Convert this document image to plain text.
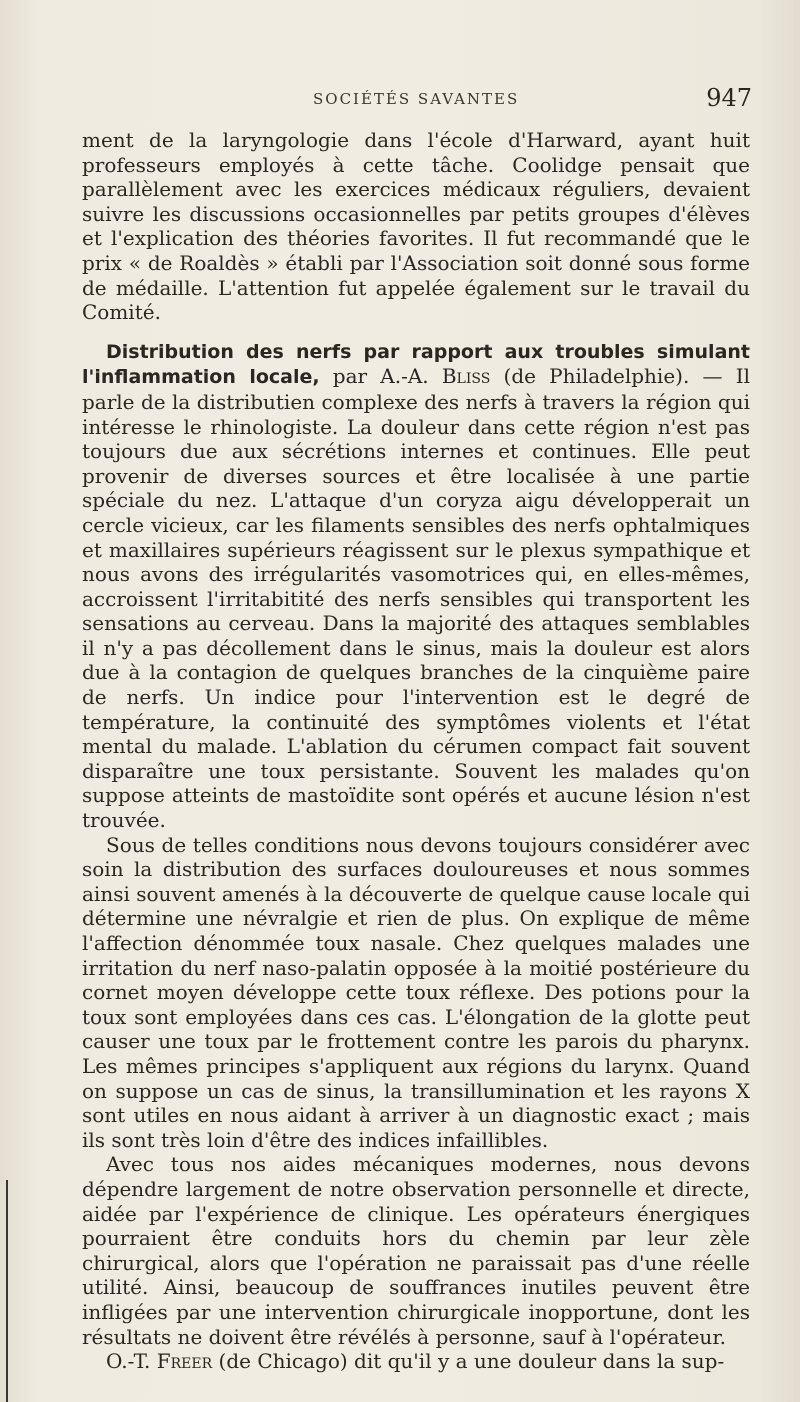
SOCIÉTÉS SAVANTES	947

ment de la laryngologie dans l'école d'Harward, ayant huit professeurs employés à cette tâche. Coolidge pensait que parallèlement avec les exercices médicaux réguliers, devaient suivre les discussions occasionnelles par petits groupes d'élèves et l'explication des théories favorites. Il fut recommandé que le prix « de Roaldès » établi par l'Association soit donné sous forme de médaille. L'attention fut appelée également sur le travail du Comité.

Distribution des nerfs par rapport aux troubles simulant l'inflammation locale, par A.-A. Bliss (de Philadelphie). — Il parle de la distributien complexe des nerfs à travers la région qui intéresse le rhinologiste. La douleur dans cette région n'est pas toujours due aux sécrétions internes et continues. Elle peut provenir de diverses sources et être localisée à une partie spéciale du nez. L'attaque d'un coryza aigu développerait un cercle vicieux, car les filaments sensibles des nerfs ophtalmiques et maxillaires supérieurs réagissent sur le plexus sympathique et nous avons des irrégularités vasomotrices qui, en elles-mêmes, accroissent l'irritabitité des nerfs sensibles qui transportent les sensations au cerveau. Dans la majorité des attaques semblables il n'y a pas décollement dans le sinus, mais la douleur est alors due à la contagion de quelques branches de la cinquième paire de nerfs. Un indice pour l'intervention est le degré de température, la continuité des symptômes violents et l'état mental du malade. L'ablation du cérumen compact fait souvent disparaître une toux persistante. Souvent les malades qu'on suppose atteints de mastoïdite sont opérés et aucune lésion n'est trouvée.

Sous de telles conditions nous devons toujours considérer avec soin la distribution des surfaces douloureuses et nous sommes ainsi souvent amenés à la découverte de quelque cause locale qui détermine une névralgie et rien de plus. On explique de même l'affection dénommée toux nasale. Chez quelques malades une irritation du nerf naso-palatin opposée à la moitié postérieure du cornet moyen développe cette toux réflexe. Des potions pour la toux sont employées dans ces cas. L'élongation de la glotte peut causer une toux par le frottement contre les parois du pharynx. Les mêmes principes s'appliquent aux régions du larynx. Quand on suppose un cas de sinus, la transillumination et les rayons X sont utiles en nous aidant à arriver à un diagnostic exact ; mais ils sont très loin d'être des indices infaillibles.

Avec tous nos aides mécaniques modernes, nous devons dépendre largement de notre observation personnelle et directe, aidée par l'expérience de clinique. Les opérateurs énergiques pourraient être conduits hors du chemin par leur zèle chirurgical, alors que l'opération ne paraissait pas d'une réelle utilité. Ainsi, beaucoup de souffrances inutiles peuvent être infligées par une intervention chirurgicale inopportune, dont les résultats ne doivent être révélés à personne, sauf à l'opérateur.

O.-T. Freer (de Chicago) dit qu'il y a une douleur dans la sup-
